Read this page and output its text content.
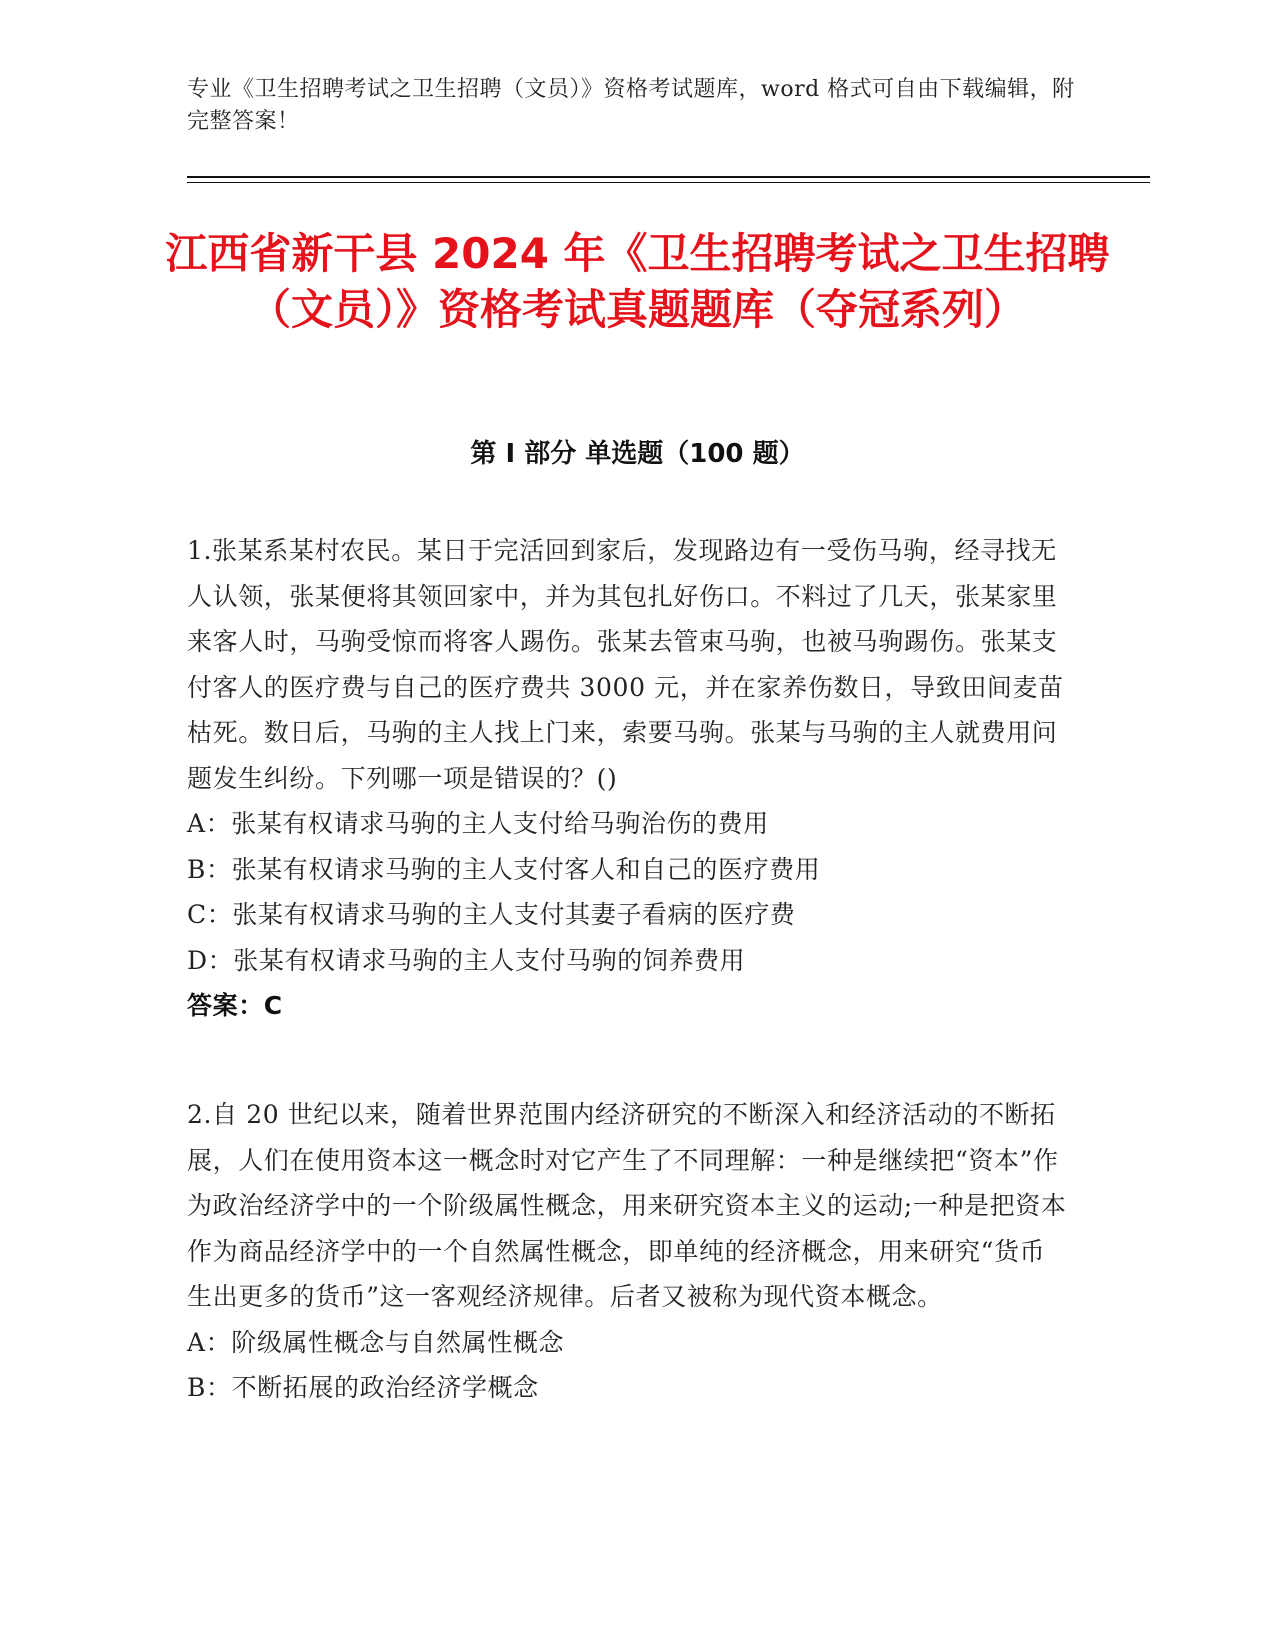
专业《卫生招聘考试之卫生招聘（文员）》资格考试题库，word 格式可自由下载编辑，附完整答案！
江西省新干县 2024 年《卫生招聘考试之卫生招聘（文员）》资格考试真题题库（夺冠系列）
第 I 部分 单选题（100 题）

1.张某系某村农民。某日于完活回到家后，发现路边有一受伤马驹，经寻找无人认领，张某便将其领回家中，并为其包扎好伤口。不料过了几天，张某家里来客人时，马驹受惊而将客人踢伤。张某去管束马驹，也被马驹踢伤。张某支付客人的医疗费与自己的医疗费共 3000 元，并在家养伤数日，导致田间麦苗枯死。数日后，马驹的主人找上门来，索要马驹。张某与马驹的主人就费用问题发生纠纷。下列哪一项是错误的？()

A：张某有权请求马驹的主人支付给马驹治伤的费用

B：张某有权请求马驹的主人支付客人和自己的医疗费用

C：张某有权请求马驹的主人支付其妻子看病的医疗费

D：张某有权请求马驹的主人支付马驹的饲养费用

答案：C

2.自 20 世纪以来，随着世界范围内经济研究的不断深入和经济活动的不断拓展，人们在使用资本这一概念时对它产生了不同理解：一种是继续把“资本”作为政治经济学中的一个阶级属性概念，用来研究资本主义的运动;一种是把资本作为商品经济学中的一个自然属性概念，即单纯的经济概念，用来研究“货币生出更多的货币”这一客观经济规律。后者又被称为现代资本概念。

A：阶级属性概念与自然属性概念

B：不断拓展的政治经济学概念
